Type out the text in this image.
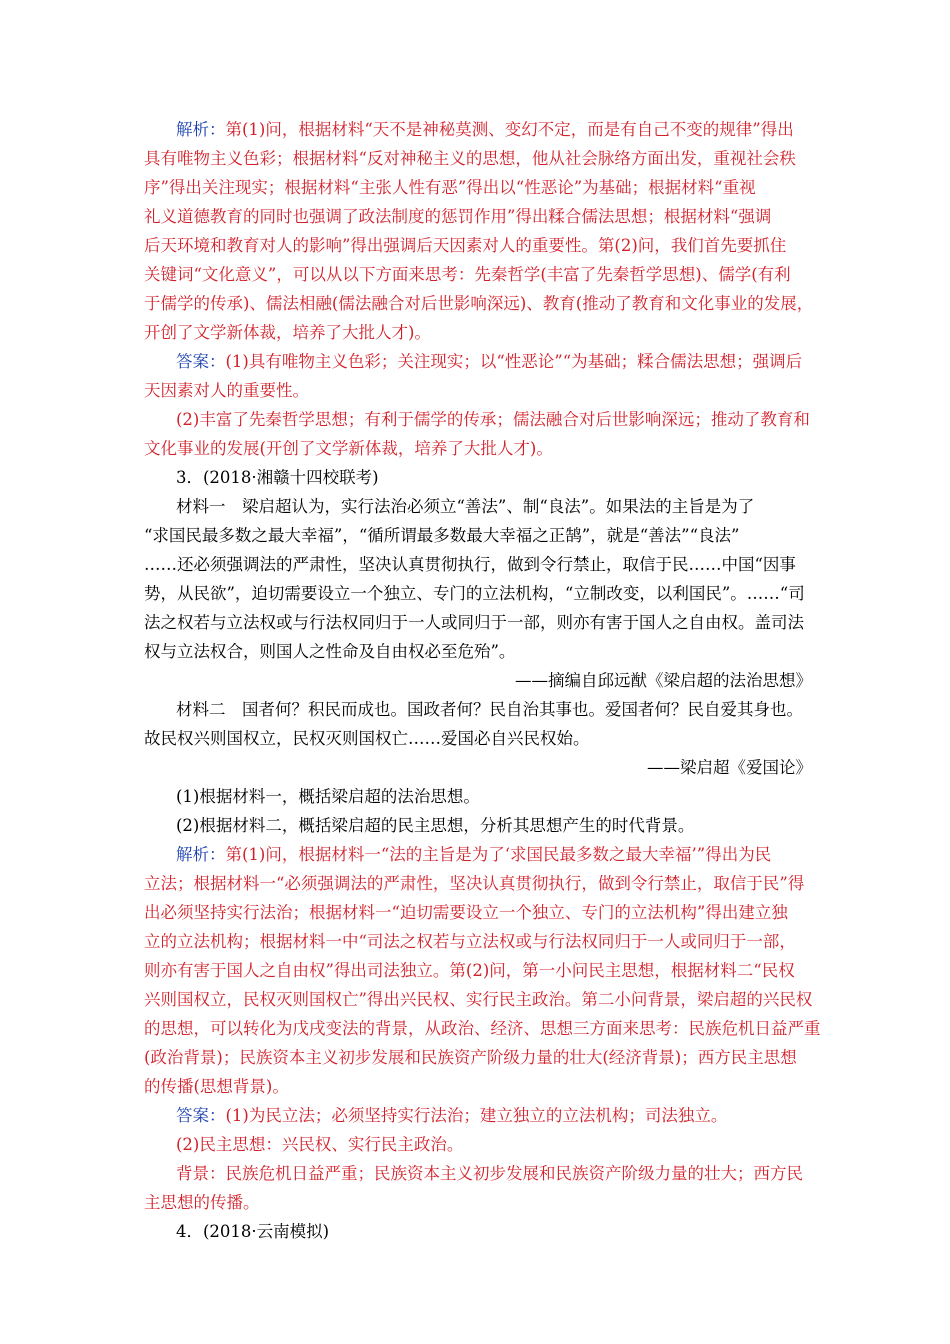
解析：第(1)问，根据材料“天不是神秘莫测、变幻不定，而是有自己不变的规律”得出
具有唯物主义色彩；根据材料“反对神秘主义的思想，他从社会脉络方面出发，重视社会秩
序”得出关注现实；根据材料“主张人性有恶”得出以“性恶论”为基础；根据材料“重视
礼义道德教育的同时也强调了政法制度的惩罚作用”得出糅合儒法思想；根据材料“强调
后天环境和教育对人的影响”得出强调后天因素对人的重要性。第(2)问，我们首先要抓住
关键词“文化意义”，可以从以下方面来思考：先秦哲学(丰富了先秦哲学思想)、儒学(有利
于儒学的传承)、儒法相融(儒法融合对后世影响深远)、教育(推动了教育和文化事业的发展，
开创了文学新体裁，培养了大批人才)。
答案：(1)具有唯物主义色彩；关注现实；以“性恶论”“为基础；糅合儒法思想；强调后
天因素对人的重要性。
(2)丰富了先秦哲学思想；有利于儒学的传承；儒法融合对后世影响深远；推动了教育和
文化事业的发展(开创了文学新体裁，培养了大批人才)。
3．(2018·湘赣十四校联考)
材料一　梁启超认为，实行法治必须立“善法”、制“良法”。如果法的主旨是为了
“求国民最多数之最大幸福”，“循所谓最多数最大幸福之正鹄”，就是“善法”“良法”
……还必须强调法的严肃性，坚决认真贯彻执行，做到令行禁止，取信于民……中国“因事
势，从民欲”，迫切需要设立一个独立、专门的立法机构，“立制改变，以利国民”。……“司
法之权若与立法权或与行法权同归于一人或同归于一部，则亦有害于国人之自由权。盖司法
权与立法权合，则国人之性命及自由权必至危殆”。
——摘编自邱远猷《梁启超的法治思想》
材料二　国者何？积民而成也。国政者何？民自治其事也。爱国者何？民自爱其身也。
故民权兴则国权立，民权灭则国权亡……爱国必自兴民权始。
——梁启超《爱国论》
(1)根据材料一，概括梁启超的法治思想。
(2)根据材料二，概括梁启超的民主思想，分析其思想产生的时代背景。
解析：第(1)问，根据材料一“法的主旨是为了‘求国民最多数之最大幸福’”得出为民
立法；根据材料一“必须强调法的严肃性，坚决认真贯彻执行，做到令行禁止，取信于民”得
出必须坚持实行法治；根据材料一“迫切需要设立一个独立、专门的立法机构”得出建立独
立的立法机构；根据材料一中“司法之权若与立法权或与行法权同归于一人或同归于一部，
则亦有害于国人之自由权”得出司法独立。第(2)问，第一小问民主思想，根据材料二“民权
兴则国权立，民权灭则国权亡”得出兴民权、实行民主政治。第二小问背景，梁启超的兴民权
的思想，可以转化为戊戌变法的背景，从政治、经济、思想三方面来思考：民族危机日益严重
(政治背景)；民族资本主义初步发展和民族资产阶级力量的壮大(经济背景)；西方民主思想
的传播(思想背景)。
答案：(1)为民立法；必须坚持实行法治；建立独立的立法机构；司法独立。
(2)民主思想：兴民权、实行民主政治。
背景：民族危机日益严重；民族资本主义初步发展和民族资产阶级力量的壮大；西方民
主思想的传播。
4．(2018·云南模拟)
